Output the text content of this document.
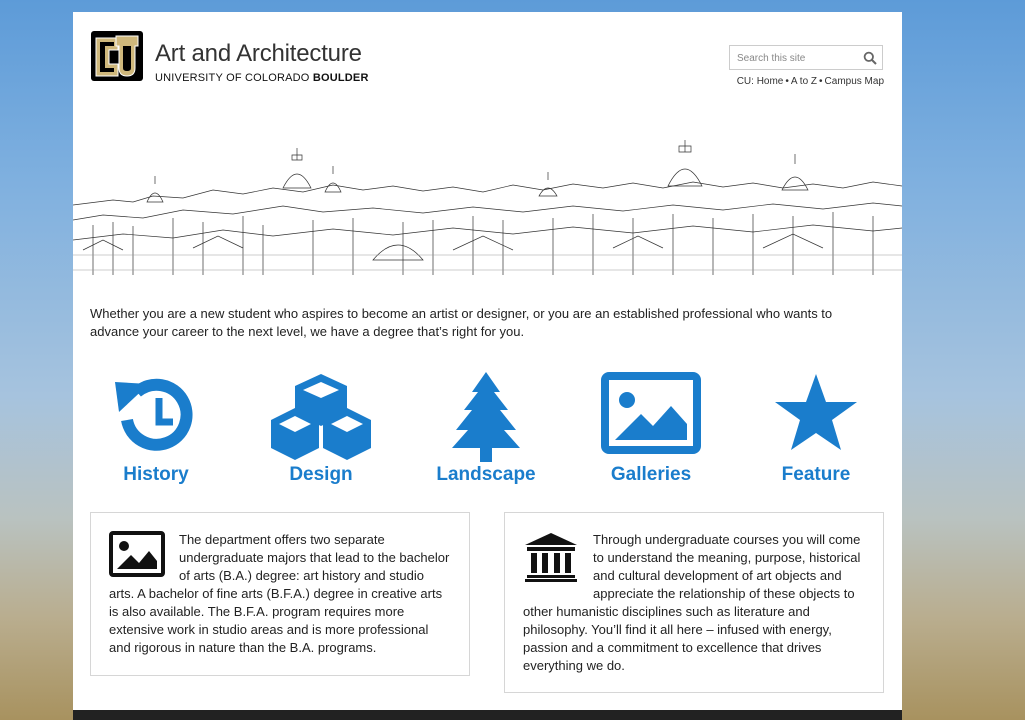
Art and Architecture
UNIVERSITY OF COLORADO BOULDER
Search this site	CU: Home • A to Z • Campus Map
Whether you are a new student who aspires to become an artist or designer, or you are an established professional who wants to advance your career to the next level, we have a degree that’s right for you.
History	Design	Landscape	Galleries	Feature

The department offers two separate undergraduate majors that lead to the bachelor of arts (B.A.) degree: art history and studio arts. A bachelor of fine arts (B.F.A.) degree in creative arts is also available. The B.F.A. program requires more extensive work in studio areas and is more professional and rigorous in nature than the B.A. programs.

Through undergraduate courses you will come to understand the meaning, purpose, historical and cultural development of art objects and appreciate the relationship of these objects to other humanistic disciplines such as literature and philosophy. You’ll find it all here – infused with energy, passion and a commitment to excellence that drives everything we do.
